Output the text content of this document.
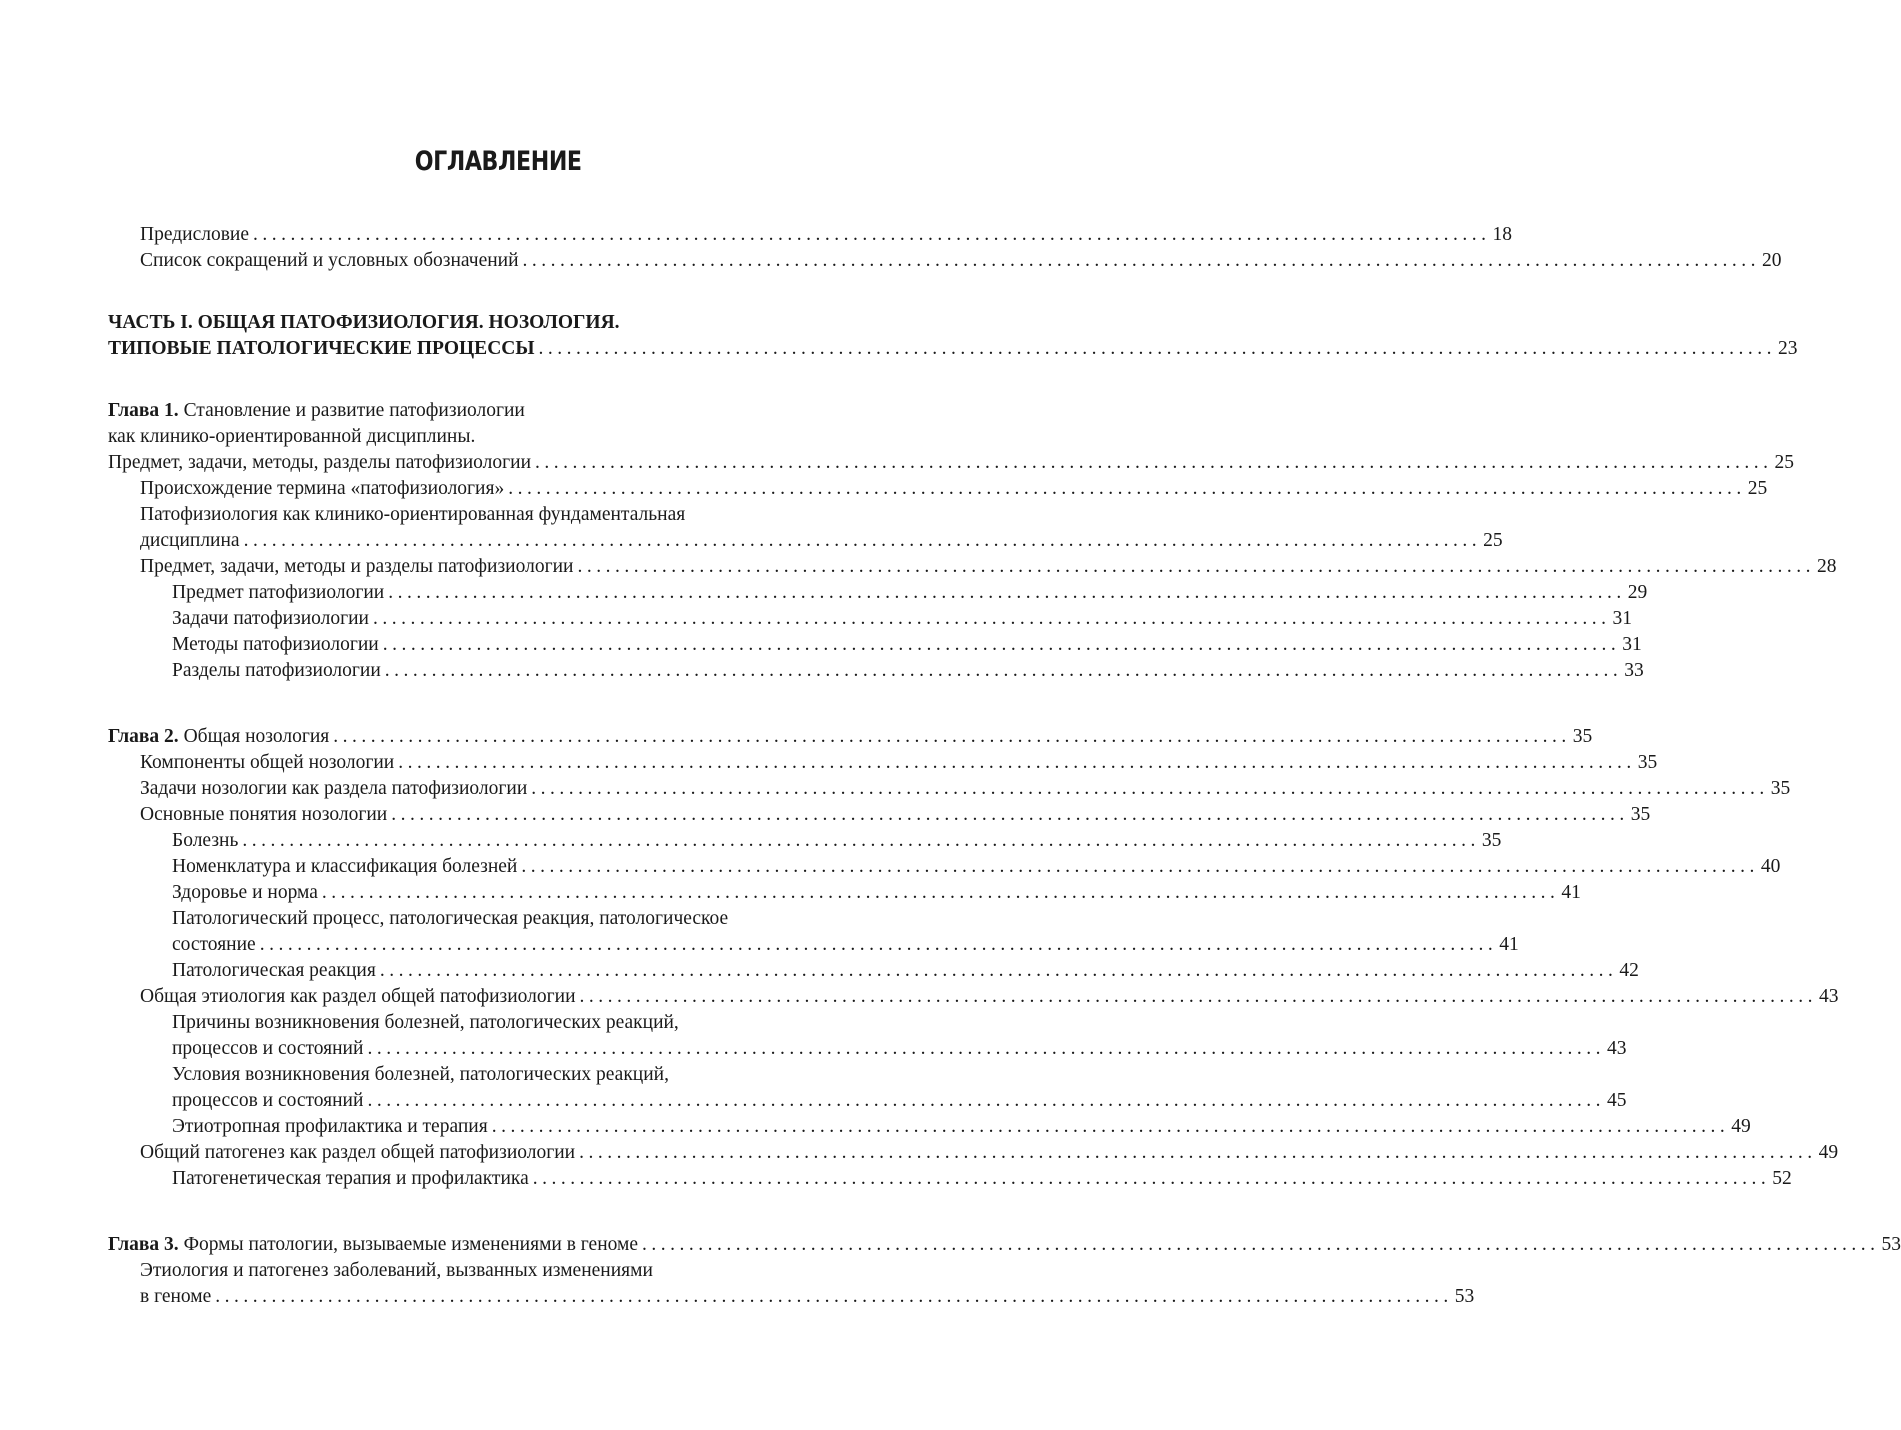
ОГЛАВЛЕНИЕ
Предисловие .................................................................................................................................... 18
Список сокращений и условных обозначений .................................................................................................................................... 20
ЧАСТЬ I. ОБЩАЯ ПАТОФИЗИОЛОГИЯ. НОЗОЛОГИЯ.
ТИПОВЫЕ ПАТОЛОГИЧЕСКИЕ ПРОЦЕССЫ .................................................................................................................................... 23
Глава 1. Становление и развитие патофизиологии
как клинико-ориентированной дисциплины.
Предмет, задачи, методы, разделы патофизиологии .................................................................................................................................... 25
Происхождение термина «патофизиология» .................................................................................................................................... 25
Патофизиология как клинико-ориентированная фундаментальная
дисциплина .................................................................................................................................... 25
Предмет, задачи, методы и разделы патофизиологии .................................................................................................................................... 28
Предмет патофизиологии .................................................................................................................................... 29
Задачи патофизиологии .................................................................................................................................... 31
Методы патофизиологии .................................................................................................................................... 31
Разделы патофизиологии .................................................................................................................................... 33
Глава 2. Общая нозология .................................................................................................................................... 35
Компоненты общей нозологии .................................................................................................................................... 35
Задачи нозологии как раздела патофизиологии .................................................................................................................................... 35
Основные понятия нозологии .................................................................................................................................... 35
Болезнь .................................................................................................................................... 35
Номенклатура и классификация болезней .................................................................................................................................... 40
Здоровье и норма .................................................................................................................................... 41
Патологический процесс, патологическая реакция, патологическое
состояние .................................................................................................................................... 41
Патологическая реакция .................................................................................................................................... 42
Общая этиология как раздел общей патофизиологии .................................................................................................................................... 43
Причины возникновения болезней, патологических реакций,
процессов и состояний .................................................................................................................................... 43
Условия возникновения болезней, патологических реакций,
процессов и состояний .................................................................................................................................... 45
Этиотропная профилактика и терапия .................................................................................................................................... 49
Общий патогенез как раздел общей патофизиологии .................................................................................................................................... 49
Патогенетическая терапия и профилактика .................................................................................................................................... 52
Глава 3. Формы патологии, вызываемые изменениями в геноме .................................................................................................................................... 53
Этиология и патогенез заболеваний, вызванных изменениями
в геноме .................................................................................................................................... 53
